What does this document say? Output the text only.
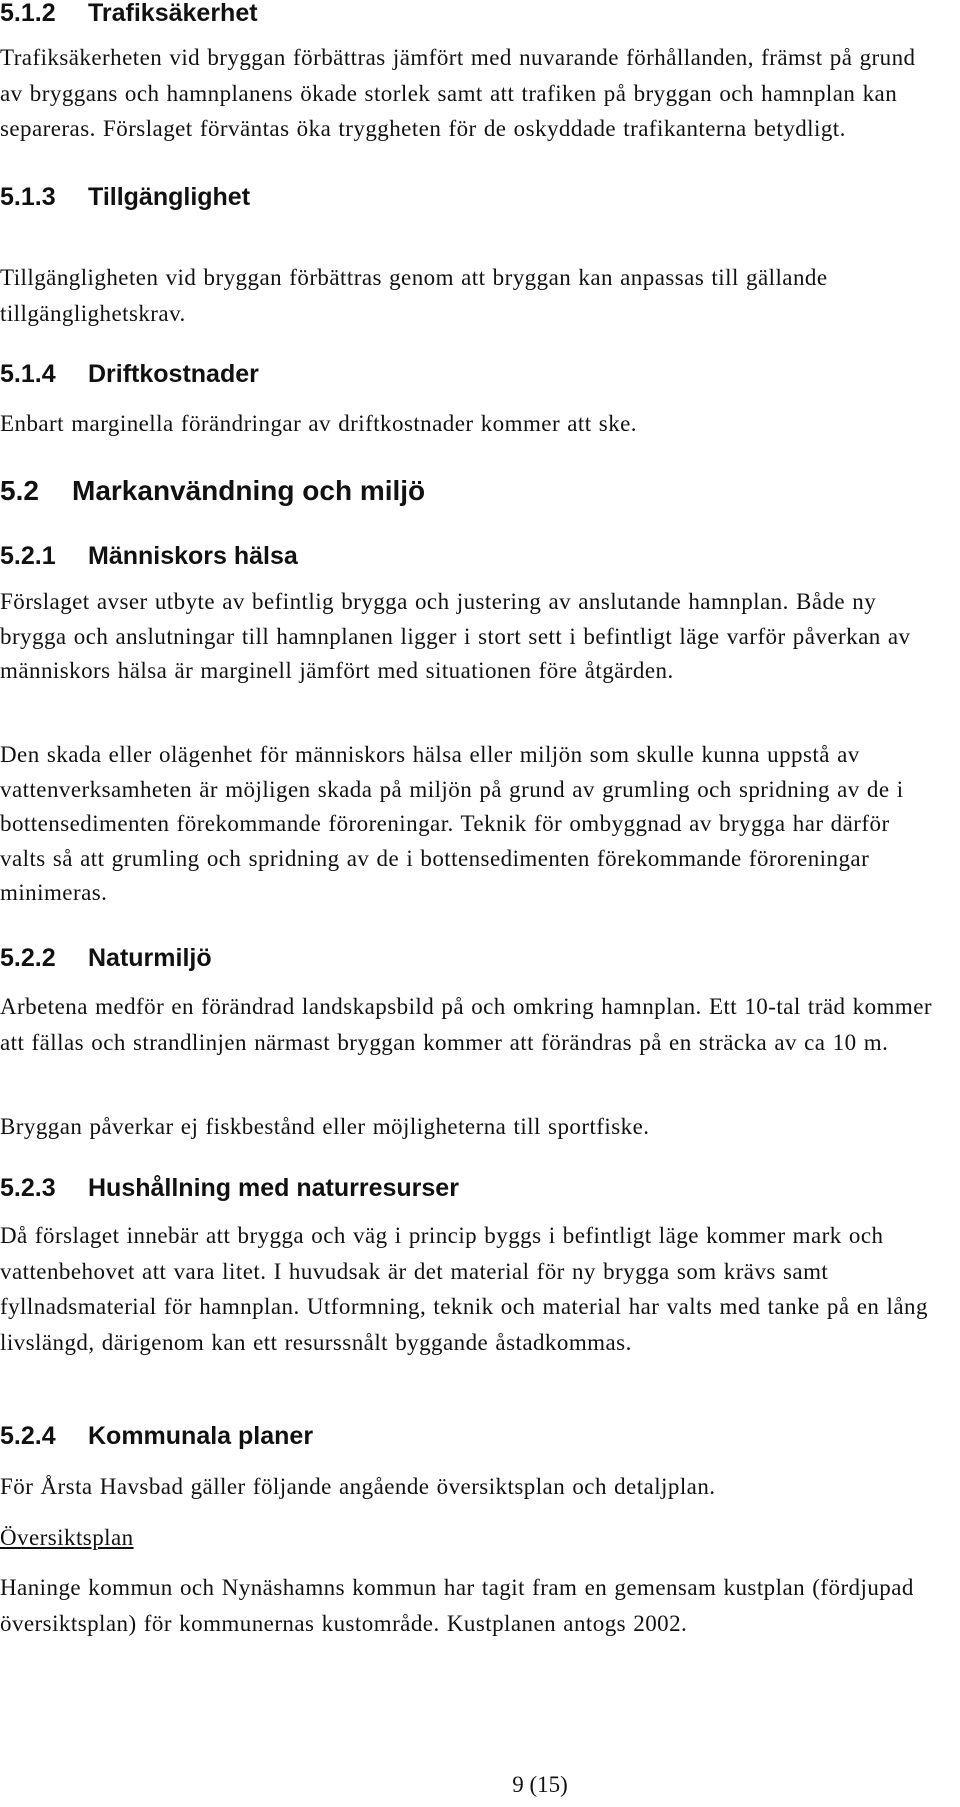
5.1.2 Trafiksäkerhet

Trafiksäkerheten vid bryggan förbättras jämfört med nuvarande förhållanden, främst på grund av bryggans och hamnplanens ökade storlek samt att trafiken på bryggan och hamnplan kan separeras. Förslaget förväntas öka tryggheten för de oskyddade trafikanterna betydligt.

5.1.3 Tillgänglighet

Tillgängligheten vid bryggan förbättras genom att bryggan kan anpassas till gällande tillgänglighetskrav.

5.1.4 Driftkostnader

Enbart marginella förändringar av driftkostnader kommer att ske.

5.2 Markanvändning och miljö
5.2.1 Människors hälsa

Förslaget avser utbyte av befintlig brygga och justering av anslutande hamnplan. Både ny brygga och anslutningar till hamnplanen ligger i stort sett i befintligt läge varför påverkan av människors hälsa är marginell jämfört med situationen före åtgärden.

Den skada eller olägenhet för människors hälsa eller miljön som skulle kunna uppstå av vattenverksamheten är möjligen skada på miljön på grund av grumling och spridning av de i bottensedimenten förekommande föroreningar. Teknik för ombyggnad av brygga har därför valts så att grumling och spridning av de i bottensedimenten förekommande föroreningar minimeras.

5.2.2 Naturmiljö

Arbetena medför en förändrad landskapsbild på och omkring hamnplan. Ett 10-tal träd kommer att fällas och strandlinjen närmast bryggan kommer att förändras på en sträcka av ca 10 m.

Bryggan påverkar ej fiskbestånd eller möjligheterna till sportfiske.

5.2.3 Hushållning med naturresurser

Då förslaget innebär att brygga och väg i princip byggs i befintligt läge kommer mark och vattenbehovet att vara litet. I huvudsak är det material för ny brygga som krävs samt fyllnadsmaterial för hamnplan. Utformning, teknik och material har valts med tanke på en lång livslängd, därigenom kan ett resurssnålt byggande åstadkommas.

5.2.4 Kommunala planer

För Årsta Havsbad gäller följande angående översiktsplan och detaljplan.

Översiktsplan

Haninge kommun och Nynäshamns kommun har tagit fram en gemensam kustplan (fördjupad översiktsplan) för kommunernas kustområde. Kustplanen antogs 2002.

9 (15)
